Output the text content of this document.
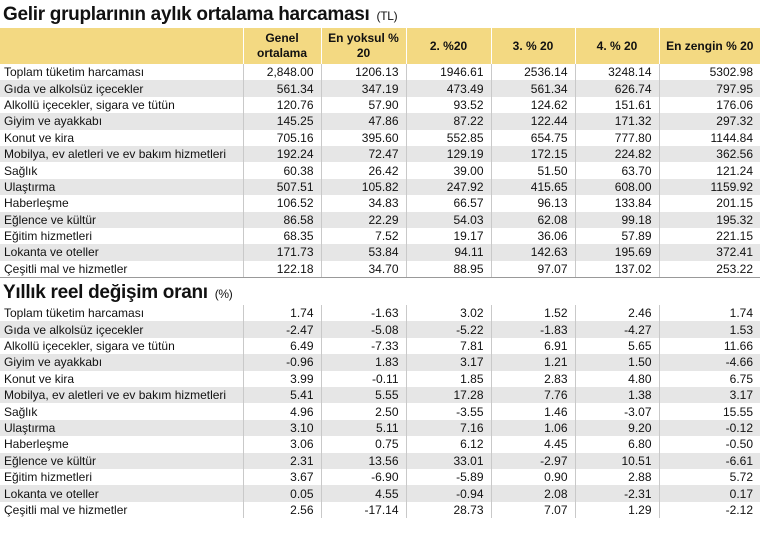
Gelir gruplarının aylık ortalama harcaması (TL)
	Genel ortalama	En yoksul % 20	2. %20	3. % 20	4. % 20	En zengin % 20
Toplam tüketim harcaması	2,848.00	1206.13	1946.61	2536.14	3248.14	5302.98
Gıda ve alkolsüz içecekler	561.34	347.19	473.49	561.34	626.74	797.95
Alkollü içecekler, sigara ve tütün	120.76	57.90	93.52	124.62	151.61	176.06
Giyim ve ayakkabı	145.25	47.86	87.22	122.44	171.32	297.32
Konut ve kira	705.16	395.60	552.85	654.75	777.80	1144.84
Mobilya, ev aletleri ve ev bakım hizmetleri	192.24	72.47	129.19	172.15	224.82	362.56
Sağlık	60.38	26.42	39.00	51.50	63.70	121.24
Ulaştırma	507.51	105.82	247.92	415.65	608.00	1159.92
Haberleşme	106.52	34.83	66.57	96.13	133.84	201.15
Eğlence ve kültür	86.58	22.29	54.03	62.08	99.18	195.32
Eğitim hizmetleri	68.35	7.52	19.17	36.06	57.89	221.15
Lokanta ve oteller	171.73	53.84	94.11	142.63	195.69	372.41
Çeşitli mal ve hizmetler	122.18	34.70	88.95	97.07	137.02	253.22
Yıllık reel değişim oranı (%)
Toplam tüketim harcaması	1.74	-1.63	3.02	1.52	2.46	1.74
Gıda ve alkolsüz içecekler	-2.47	-5.08	-5.22	-1.83	-4.27	1.53
Alkollü içecekler, sigara ve tütün	6.49	-7.33	7.81	6.91	5.65	11.66
Giyim ve ayakkabı	-0.96	1.83	3.17	1.21	1.50	-4.66
Konut ve kira	3.99	-0.11	1.85	2.83	4.80	6.75
Mobilya, ev aletleri ve ev bakım hizmetleri	5.41	5.55	17.28	7.76	1.38	3.17
Sağlık	4.96	2.50	-3.55	1.46	-3.07	15.55
Ulaştırma	3.10	5.11	7.16	1.06	9.20	-0.12
Haberleşme	3.06	0.75	6.12	4.45	6.80	-0.50
Eğlence ve kültür	2.31	13.56	33.01	-2.97	10.51	-6.61
Eğitim hizmetleri	3.67	-6.90	-5.89	0.90	2.88	5.72
Lokanta ve oteller	0.05	4.55	-0.94	2.08	-2.31	0.17
Çeşitli mal ve hizmetler	2.56	-17.14	28.73	7.07	1.29	-2.12
